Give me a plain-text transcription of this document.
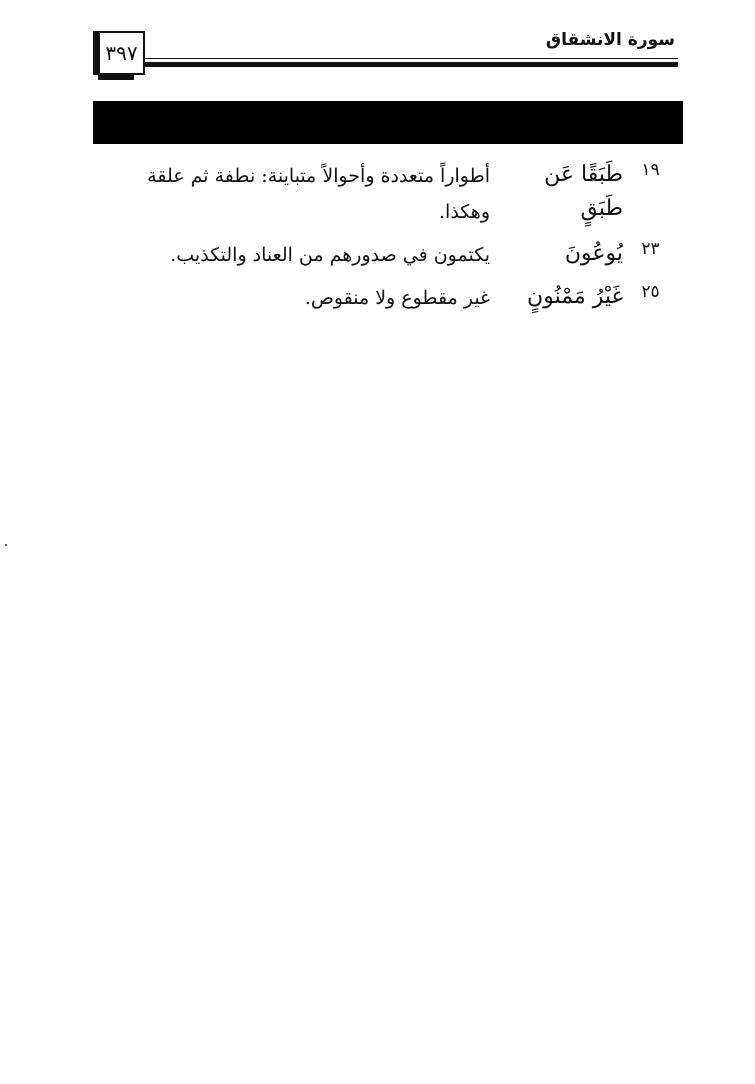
سورة الانشقاق
٣٩٧
١٩
طَبَقًا عَن طَبَقٍ
أطواراً متعددة وأحوالاً متباينة: نطفة ثم علقة وهكذا.
٢٣
يُوعُونَ
يكتمون في صدورهم من العناد والتكذيب.
٢٥
غَيْرُ مَمْنُونٍ
غير مقطوع ولا منقوص.
